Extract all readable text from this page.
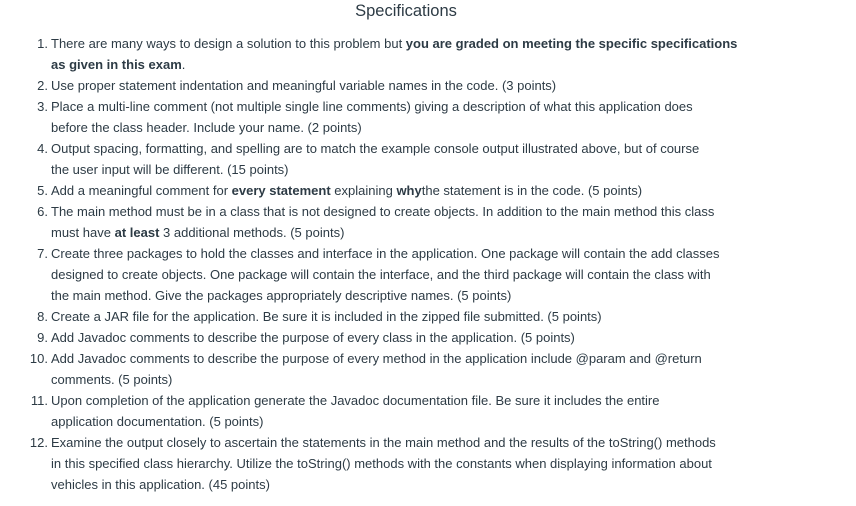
Specifications
1. There are many ways to design a solution to this problem but you are graded on meeting the specific specifications
as given in this exam.
2. Use proper statement indentation and meaningful variable names in the code. (3 points)
3. Place a multi-line comment (not multiple single line comments) giving a description of what this application does
before the class header. Include your name. (2 points)
4. Output spacing, formatting, and spelling are to match the example console output illustrated above, but of course
the user input will be different. (15 points)
5. Add a meaningful comment for every statement explaining whythe statement is in the code. (5 points)
6. The main method must be in a class that is not designed to create objects. In addition to the main method this class
must have at least 3 additional methods. (5 points)
7. Create three packages to hold the classes and interface in the application. One package will contain the add classes
designed to create objects. One package will contain the interface, and the third package will contain the class with
the main method. Give the packages appropriately descriptive names. (5 points)
8. Create a JAR file for the application. Be sure it is included in the zipped file submitted. (5 points)
9. Add Javadoc comments to describe the purpose of every class in the application. (5 points)
10. Add Javadoc comments to describe the purpose of every method in the application include @param and @return
comments. (5 points)
11. Upon completion of the application generate the Javadoc documentation file. Be sure it includes the entire
application documentation. (5 points)
12. Examine the output closely to ascertain the statements in the main method and the results of the toString() methods
in this specified class hierarchy. Utilize the toString() methods with the constants when displaying information about
vehicles in this application. (45 points)
